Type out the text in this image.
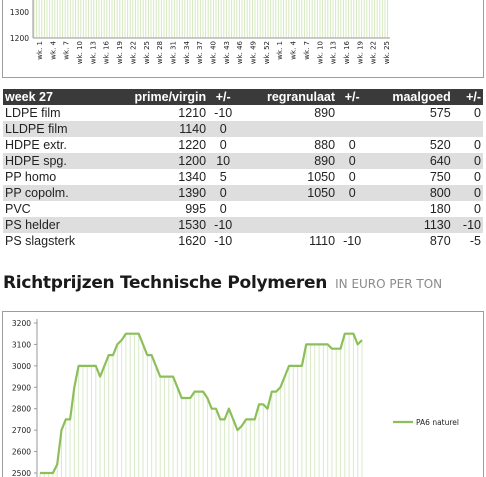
1300
1200
wk. 1 wk. 4 wk. 7 wk. 10 wk. 13 wk. 16 wk. 19 wk. 22 wk. 25 wk. 28 wk. 31 wk. 34 wk. 37 wk. 40 wk. 43 wk. 46 wk. 49 wk. 52 wk. 1 wk. 4 wk. 7 wk. 10 wk. 13 wk. 16 wk. 19 wk. 22 wk. 25
week 27	prime/virgin	+/-	regranulaat	+/-	maalgoed	+/-
LDPE film	1210	-10	890		575	0
LLDPE film	1140	0				
HDPE extr.	1220	0	880	0	520	0
HDPE spg.	1200	10	890	0	640	0
PP homo	1340	5	1050	0	750	0
PP copolm.	1390	0	1050	0	800	0
PVC	995	0			180	0
PS helder	1530	-10			1130	-10
PS slagsterk	1620	-10	1110	-10	870	-5
Richtprijzen Technische Polymeren IN EURO PER TON
2500
2600
2700
2800
2900
3000
3100
3200
PA6 naturel
